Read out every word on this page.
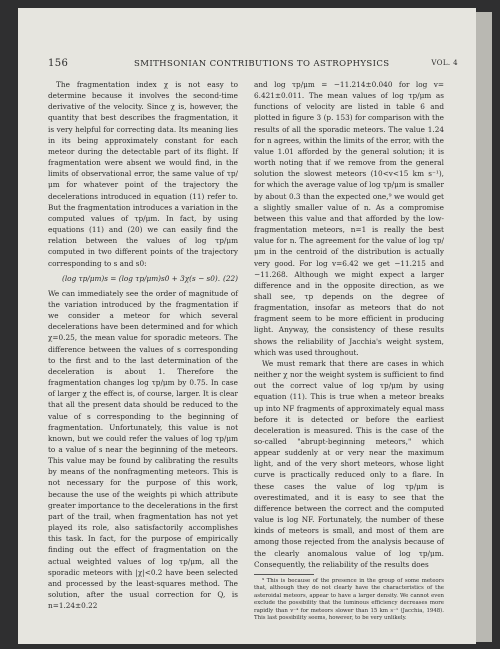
156	SMITHSONIAN CONTRIBUTIONS TO ASTROPHYSICS	VOL. 4

The fragmentation index χ is not easy to determine because it involves the second-time derivative of the velocity. Since χ is, however, the quantity that best describes the fragmentation, it is very helpful for correcting data. Its meaning lies in its being approximately constant for each meteor during the detectable part of its flight. If fragmentation were absent we would find, in the limits of observational error, the same value of τp/μm for whatever point of the trajectory the decelerations introduced in equation (11) refer to. But the fragmentation introduces a variation in the computed values of τp/μm. In fact, by using equations (11) and (20) we can easily find the relation between the values of log τp/μm computed in two different points of the trajectory corresponding to s and s0:

(log τp/μm)s = (log τp/μm)s0 + 3χ(s − s0). (22)

We can immediately see the order of magnitude of the variation introduced by the fragmentation if we consider a meteor for which several decelerations have been determined and for which χ=0.25, the mean value for sporadic meteors. The difference between the values of s corresponding to the first and to the last determination of the deceleration is about 1. Therefore the fragmentation changes log τp/μm by 0.75. In case of larger χ the effect is, of course, larger. It is clear that all the present data should be reduced to the value of s corresponding to the beginning of fragmentation. Unfortunately, this value is not known, but we could refer the values of log τp/μm to a value of s near the beginning of the meteors. This value may be found by calibrating the results by means of the nonfragmenting meteors. This is not necessary for the purpose of this work, because the use of the weights pi which attribute greater importance to the decelerations in the first part of the trail, when fragmentation has not yet played its role, also satisfactorily accomplishes this task. In fact, for the purpose of empirically finding out the effect of fragmentation on the actual weighted values of log τp/μm, all the sporadic meteors with |χ|<0.2 have been selected and processed by the least-squares method. The solution, after the usual correction for Q, is n=1.24±0.22

and log τp/μm = −11.214±0.040 for log v= 6.421±0.011. The mean values of log τp/μm as functions of velocity are listed in table 6 and plotted in figure 3 (p. 153) for comparison with the results of all the sporadic meteors. The value 1.24 for n agrees, within the limits of the error, with the value 1.01 afforded by the general solution; it is worth noting that if we remove from the general solution the slowest meteors (10<v<15 km s⁻¹), for which the average value of log τp/μm is smaller by about 0.3 than the expected one,⁹ we would get a slightly smaller value of n. As a compromise between this value and that afforded by the low-fragmentation meteors, n=1 is really the best value for n. The agreement for the value of log τp/μm in the centroid of the distribution is actually very good. For log v=6.42 we get −11.215 and −11.268. Although we might expect a larger difference and in the opposite direction, as we shall see, τp depends on the degree of fragmentation, insofar as meteors that do not fragment seem to be more efficient in producing light. Anyway, the consistency of these results shows the reliability of Jacchia's weight system, which was used throughout.

We must remark that there are cases in which neither χ nor the weight system is sufficient to find out the correct value of log τp/μm by using equation (11). This is true when a meteor breaks up into NF fragments of approximately equal mass before it is detected or before the earliest deceleration is measured. This is the case of the so-called "abrupt-beginning meteors," which appear suddenly at or very near the maximum light, and of the very short meteors, whose light curve is practically reduced only to a flare. In these cases the value of log τp/μm is overestimated, and it is easy to see that the difference between the correct and the computed value is log NF. Fortunately, the number of these kinds of meteors is small, and most of them are among those rejected from the analysis because of the clearly anomalous value of log τp/μm. Consequently, the reliability of the results does

⁹ This is because of the presence in the group of some meteors that, although they do not clearly have the characteristics of the asteroidal meteors, appear to have a larger density. We cannot even exclude the possibility that the luminous efficiency decreases more rapidly than v⁻⁴ for meteors slower than 15 km s⁻¹ (Jacchia, 1948). This last possibility seems, however, to be very unlikely.
